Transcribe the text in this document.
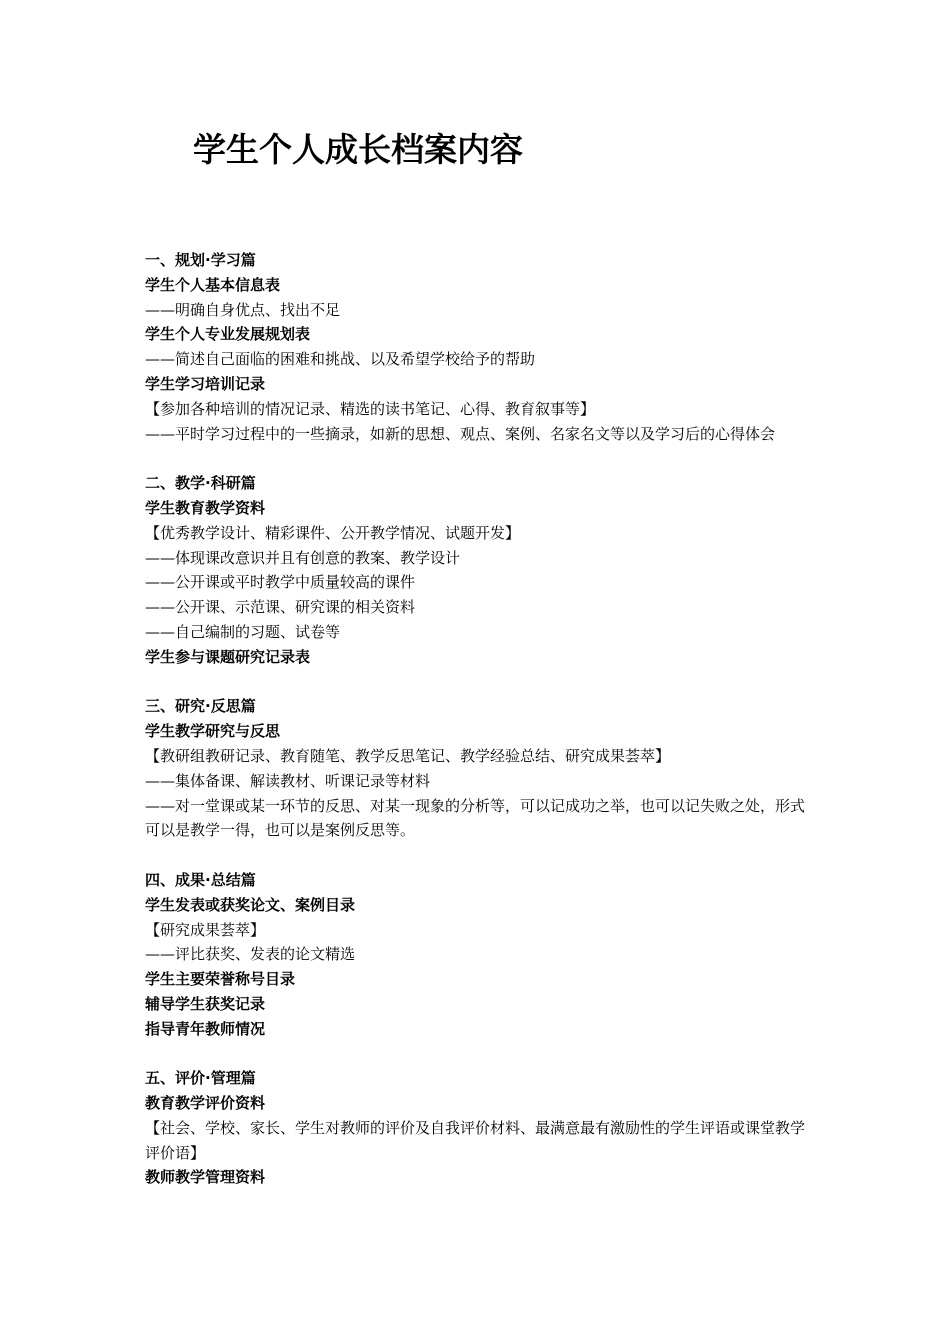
学生个人成长档案内容
一、规划·学习篇
学生个人基本信息表
——明确自身优点、找出不足
学生个人专业发展规划表
——简述自己面临的困难和挑战、以及希望学校给予的帮助
学生学习培训记录
【参加各种培训的情况记录、精选的读书笔记、心得、教育叙事等】
——平时学习过程中的一些摘录，如新的思想、观点、案例、名家名文等以及学习后的心得体会
二、教学·科研篇
学生教育教学资料
【优秀教学设计、精彩课件、公开教学情况、试题开发】
——体现课改意识并且有创意的教案、教学设计
——公开课或平时教学中质量较高的课件
——公开课、示范课、研究课的相关资料
——自己编制的习题、试卷等
学生参与课题研究记录表
三、研究·反思篇
学生教学研究与反思
【教研组教研记录、教育随笔、教学反思笔记、教学经验总结、研究成果荟萃】
——集体备课、解读教材、听课记录等材料
——对一堂课或某一环节的反思、对某一现象的分析等，可以记成功之举，也可以记失败之处，形式可以是教学一得，也可以是案例反思等。
四、成果·总结篇
学生发表或获奖论文、案例目录
【研究成果荟萃】
——评比获奖、发表的论文精选
学生主要荣誉称号目录
辅导学生获奖记录
指导青年教师情况
五、评价·管理篇
教育教学评价资料
【社会、学校、家长、学生对教师的评价及自我评价材料、最满意最有激励性的学生评语或课堂教学评价语】
教师教学管理资料
